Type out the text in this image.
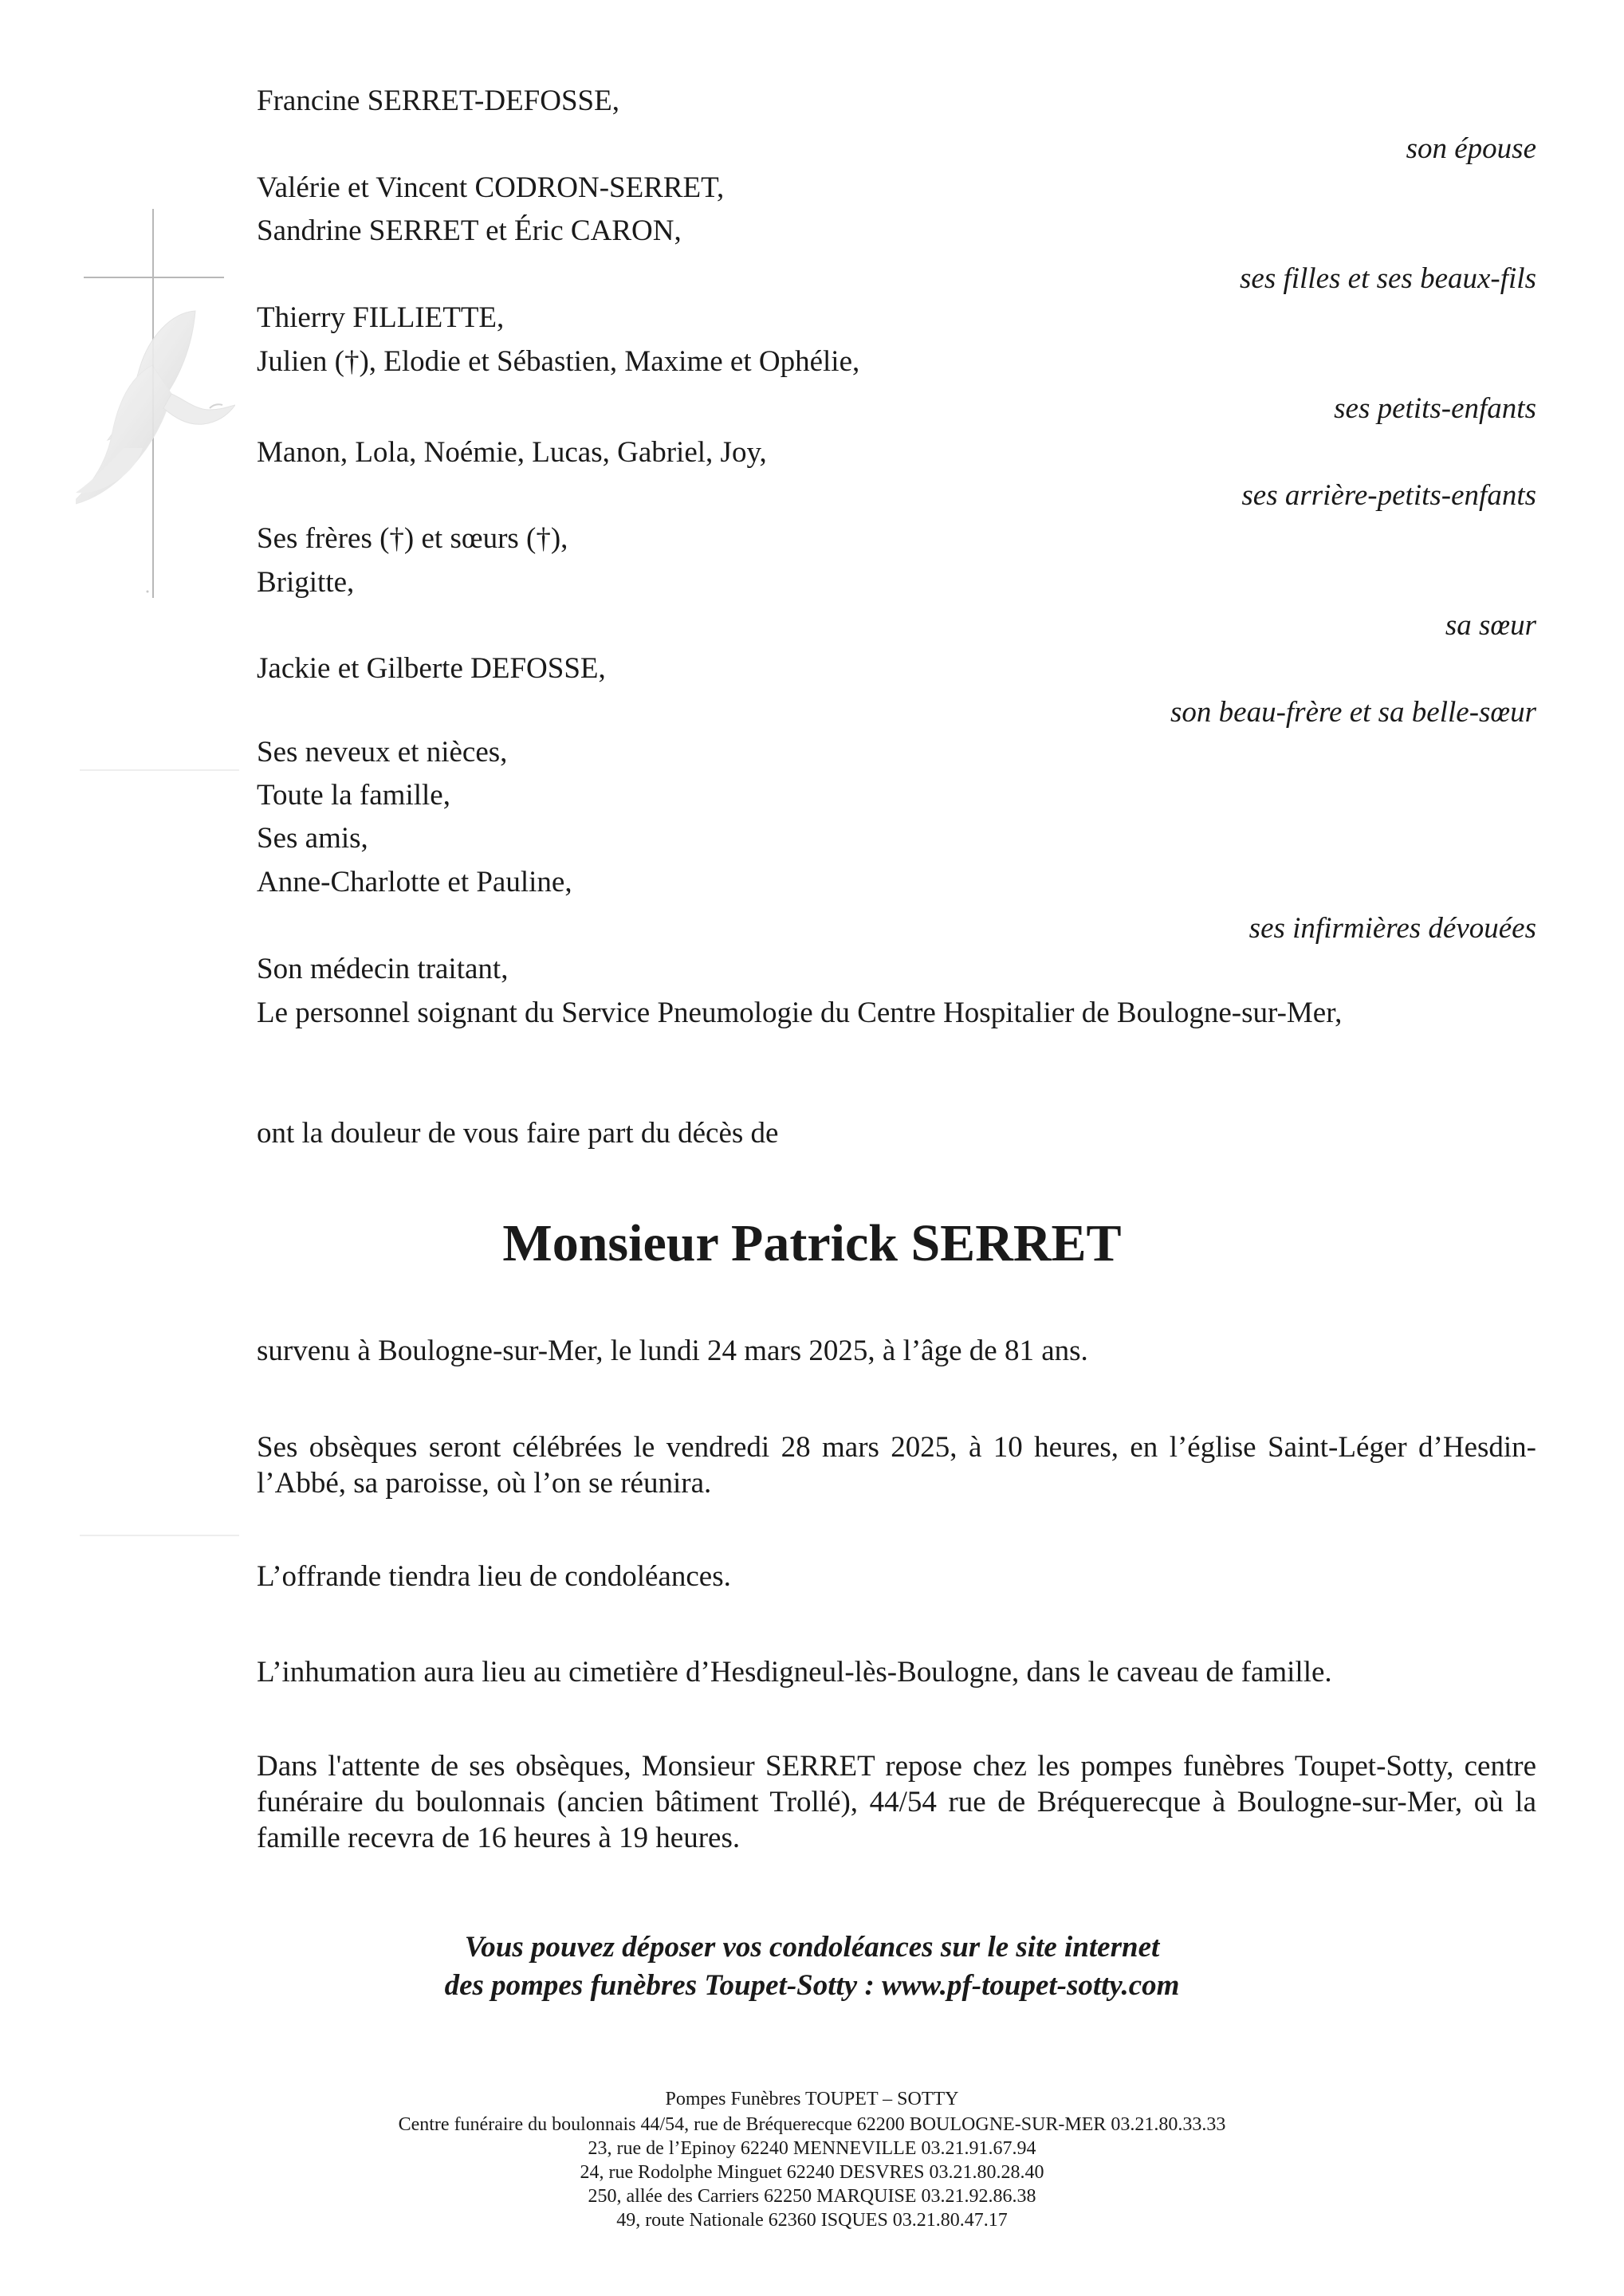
Francine SERRET-DEFOSSE,
son épouse
Valérie et Vincent CODRON-SERRET,
Sandrine SERRET et Éric CARON,
ses filles et ses beaux-fils
Thierry FILLIETTE,
Julien (†), Elodie et Sébastien, Maxime et Ophélie,
ses petits-enfants
Manon, Lola, Noémie, Lucas, Gabriel, Joy,
ses arrière-petits-enfants
Ses frères (†) et sœurs (†),
Brigitte,
sa sœur
Jackie et Gilberte DEFOSSE,
son beau-frère et sa belle-sœur
Ses neveux et nièces,
Toute la famille,
Ses amis,
Anne-Charlotte et Pauline,
ses infirmières dévouées
Son médecin traitant,
Le personnel soignant du Service Pneumologie du Centre Hospitalier de Boulogne-sur-Mer,
ont la douleur de vous faire part du décès de
Monsieur Patrick SERRET
survenu à Boulogne-sur-Mer, le lundi 24 mars 2025, à l’âge de 81 ans.
Ses obsèques seront célébrées le vendredi 28 mars 2025, à 10 heures, en l’église Saint-Léger d’Hesdin-l’Abbé, sa paroisse, où l’on se réunira.
L’offrande tiendra lieu de condoléances.
L’inhumation aura lieu au cimetière d’Hesdigneul-lès-Boulogne, dans le caveau de famille.
Dans l'attente de ses obsèques, Monsieur SERRET repose chez les pompes funèbres Toupet-Sotty, centre funéraire du boulonnais (ancien bâtiment Trollé), 44/54 rue de Bréquerecque à Boulogne-sur-Mer, où la famille recevra de 16 heures à 19 heures.
Vous pouvez déposer vos condoléances sur le site internet
des pompes funèbres Toupet-Sotty : www.pf-toupet-sotty.com
Pompes Funèbres TOUPET – SOTTY
Centre funéraire du boulonnais 44/54, rue de Bréquerecque 62200 BOULOGNE-SUR-MER 03.21.80.33.33
23, rue de l’Epinoy 62240 MENNEVILLE 03.21.91.67.94
24, rue Rodolphe Minguet 62240 DESVRES 03.21.80.28.40
250, allée des Carriers 62250 MARQUISE 03.21.92.86.38
49, route Nationale 62360 ISQUES 03.21.80.47.17
